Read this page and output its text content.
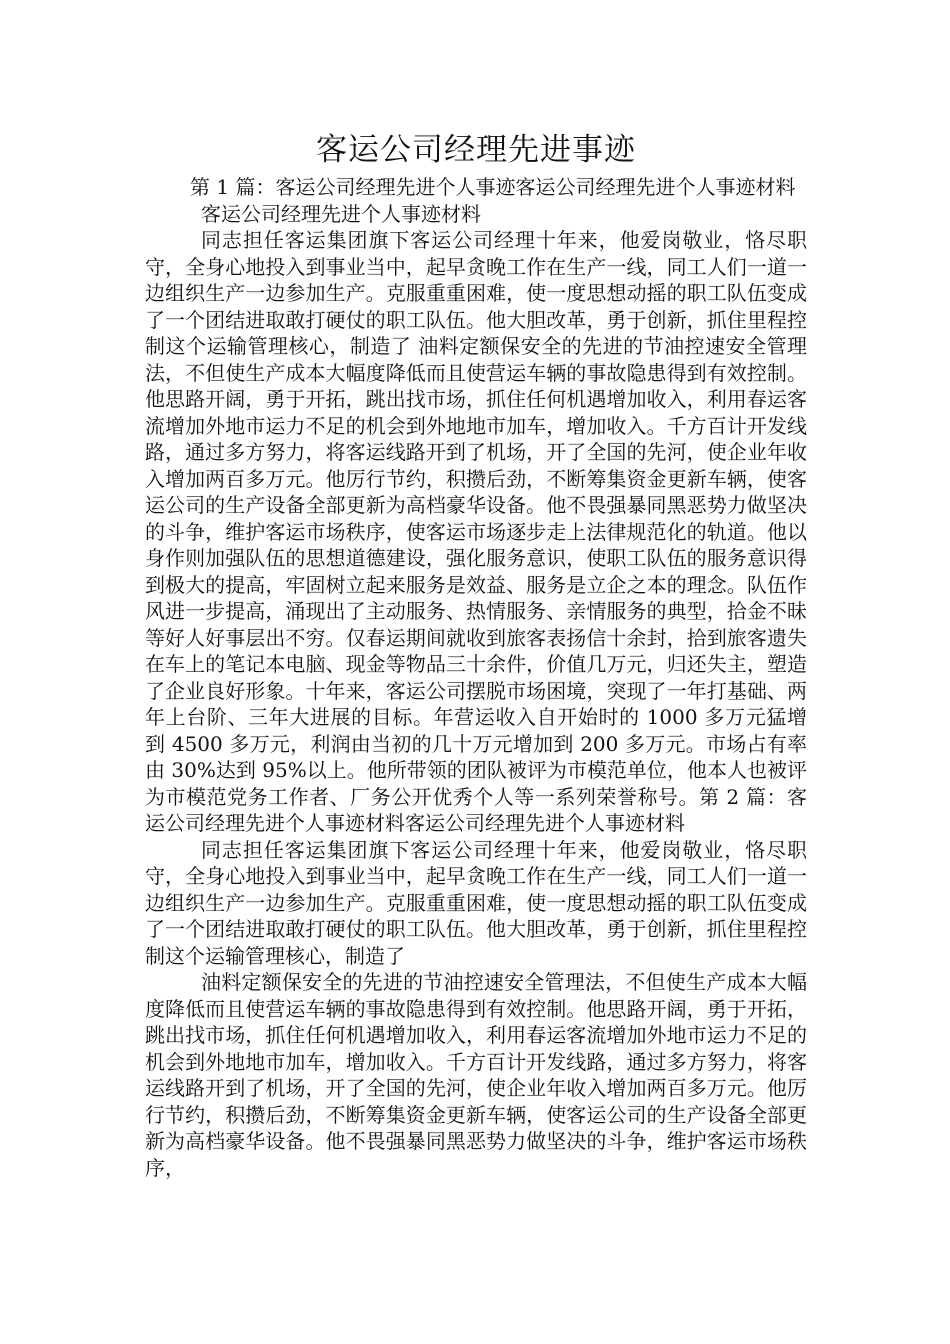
客运公司经理先进事迹

第 1 篇：客运公司经理先进个人事迹客运公司经理先进个人事迹材料

客运公司经理先进个人事迹材料

同志担任客运集团旗下客运公司经理十年来，他爱岗敬业，恪尽职守，全身心地投入到事业当中，起早贪晚工作在生产一线，同工人们一道一边组织生产一边参加生产。克服重重困难，使一度思想动摇的职工队伍变成了一个团结进取敢打硬仗的职工队伍。他大胆改革，勇于创新，抓住里程控制这个运输管理核心，制造了 油料定额保安全的先进的节油控速安全管理法，不但使生产成本大幅度降低而且使营运车辆的事故隐患得到有效控制。他思路开阔，勇于开拓，跳出找市场，抓住任何机遇增加收入，利用春运客流增加外地市运力不足的机会到外地地市加车，增加收入。千方百计开发线路，通过多方努力，将客运线路开到了机场，开了全国的先河，使企业年收入增加两百多万元。他厉行节约，积攒后劲，不断筹集资金更新车辆，使客运公司的生产设备全部更新为高档豪华设备。他不畏强暴同黑恶势力做坚决的斗争，维护客运市场秩序，使客运市场逐步走上法律规范化的轨道。他以身作则加强队伍的思想道德建设，强化服务意识，使职工队伍的服务意识得到极大的提高，牢固树立起来服务是效益、服务是立企之本的理念。队伍作风进一步提高，涌现出了主动服务、热情服务、亲情服务的典型，拾金不昧等好人好事层出不穷。仅春运期间就收到旅客表扬信十余封，拾到旅客遗失在车上的笔记本电脑、现金等物品三十余件，价值几万元，归还失主，塑造了企业良好形象。十年来，客运公司摆脱市场困境，突现了一年打基础、两年上台阶、三年大进展的目标。年营运收入自开始时的 1000 多万元猛增到 4500 多万元，利润由当初的几十万元增加到 200 多万元。市场占有率由 30%达到 95%以上。他所带领的团队被评为市模范单位，他本人也被评为市模范党务工作者、厂务公开优秀个人等一系列荣誉称号。第 2 篇：客运公司经理先进个人事迹材料客运公司经理先进个人事迹材料

同志担任客运集团旗下客运公司经理十年来，他爱岗敬业，恪尽职守，全身心地投入到事业当中，起早贪晚工作在生产一线，同工人们一道一边组织生产一边参加生产。克服重重困难，使一度思想动摇的职工队伍变成了一个团结进取敢打硬仗的职工队伍。他大胆改革，勇于创新，抓住里程控制这个运输管理核心，制造了

油料定额保安全的先进的节油控速安全管理法，不但使生产成本大幅度降低而且使营运车辆的事故隐患得到有效控制。他思路开阔，勇于开拓，跳出找市场，抓住任何机遇增加收入，利用春运客流增加外地市运力不足的机会到外地地市加车，增加收入。千方百计开发线路，通过多方努力，将客运线路开到了机场，开了全国的先河，使企业年收入增加两百多万元。他厉行节约，积攒后劲，不断筹集资金更新车辆，使客运公司的生产设备全部更新为高档豪华设备。他不畏强暴同黑恶势力做坚决的斗争，维护客运市场秩序，
